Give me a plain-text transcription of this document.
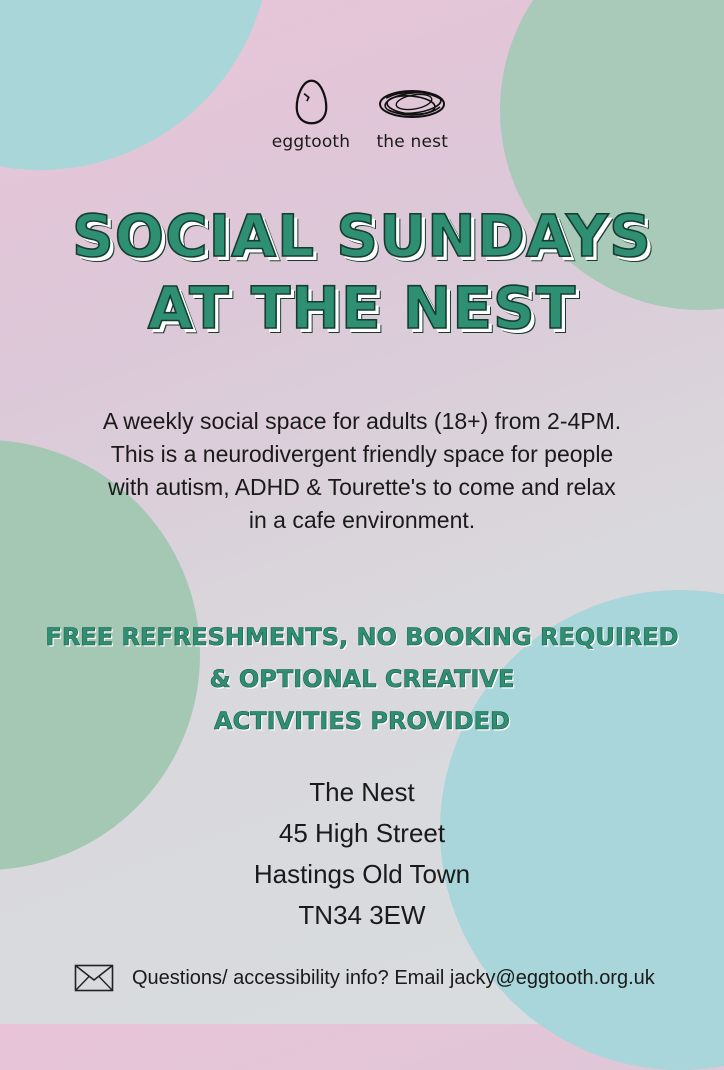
eggtooth the nest
SOCIAL SUNDAYS
AT THE NEST
A weekly social space for adults (18+) from 2-4PM.
This is a neurodivergent friendly space for people
with autism, ADHD & Tourette's to come and relax
in a cafe environment.
FREE REFRESHMENTS, NO BOOKING REQUIRED
& OPTIONAL CREATIVE
ACTIVITIES PROVIDED
The Nest
45 High Street
Hastings Old Town
TN34 3EW
Questions/ accessibility info? Email jacky@eggtooth.org.uk
